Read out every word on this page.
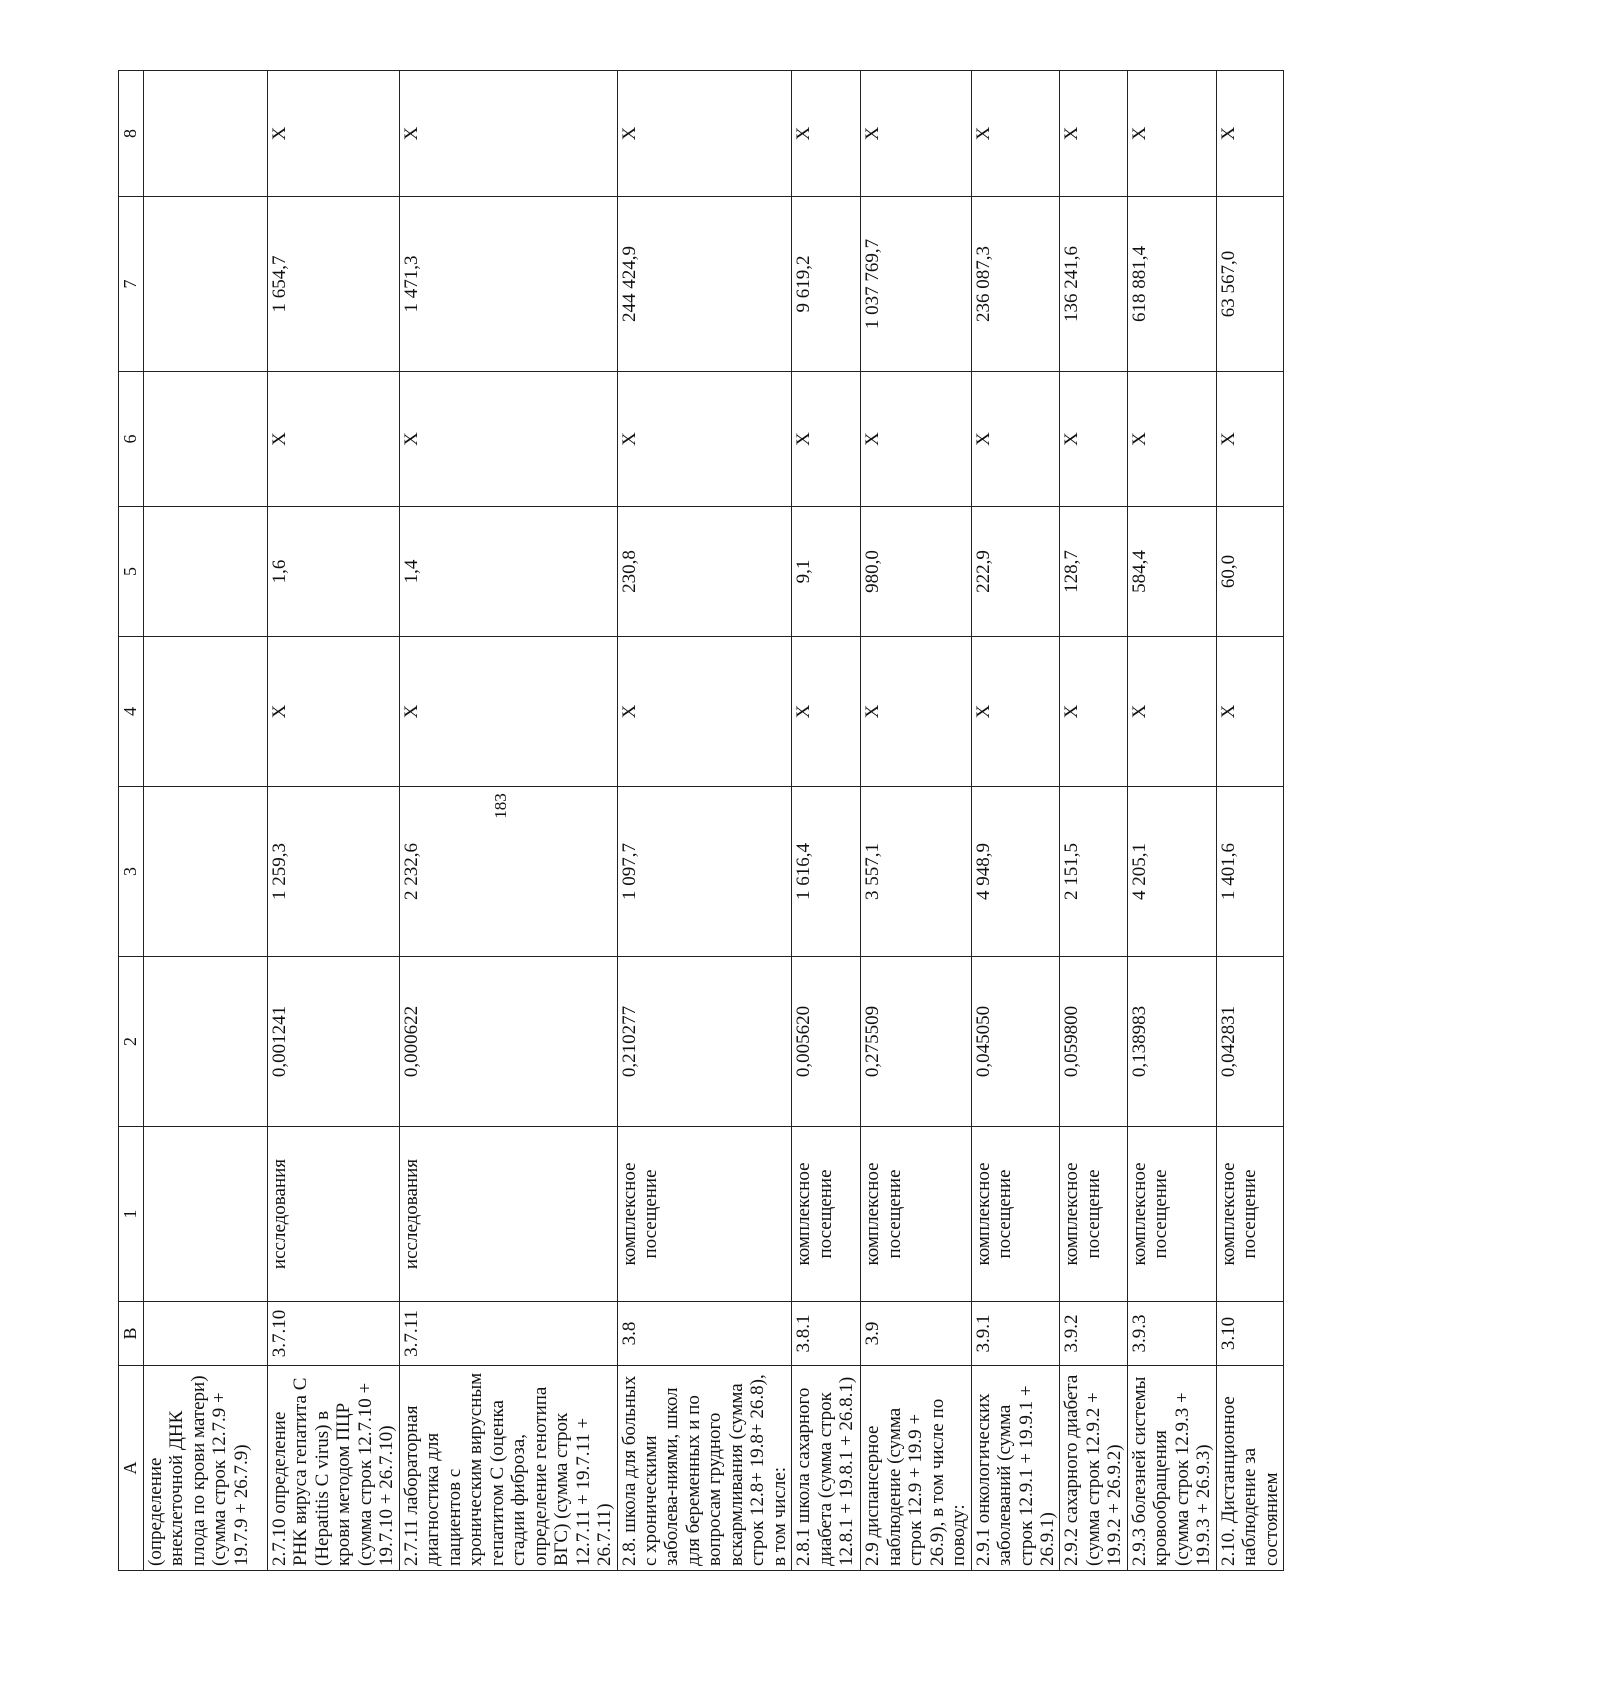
183
A	B	1	2	3	4	5	6	7	8
(определение внеклеточной ДНК плода по крови матери) (сумма строк 12.7.9 + 19.7.9 + 26.7.9)									
2.7.10 определение РНК вируса гепатита С (Hepatitis C virus) в крови методом ПЦР (сумма строк 12.7.10 + 19.7.10 + 26.7.10)	3.7.10	исследования	0,001241	1 259,3	X	1,6	X	1 654,7	X
2.7.11 лабораторная диагностика для пациентов с хроническим вирусным гепатитом С (оценка стадии фиброза, определение генотипа ВГС) (сумма строк 12.7.11 + 19.7.11 + 26.7.11)	3.7.11	исследования	0,000622	2 232,6	X	1,4	X	1 471,3	X
2.8. школа для больных с хроническими заболева-ниями, школ для беременных и по вопросам грудного вскармливания (сумма строк 12.8+ 19.8+ 26.8), в том числе:	3.8	комплексное посещение	0,210277	1 097,7	X	230,8	X	244 424,9	X
2.8.1 школа сахарного диабета (сумма строк 12.8.1 + 19.8.1 + 26.8.1)	3.8.1	комплексное посещение	0,005620	1 616,4	X	9,1	X	9 619,2	X
2.9 диспансерное наблюдение (сумма строк 12.9 + 19.9 + 26.9), в том числе по поводу:	3.9	комплексное посещение	0,275509	3 557,1	X	980,0	X	1 037 769,7	X
2.9.1 онкологических заболеваний (сумма строк 12.9.1 + 19.9.1 + 26.9.1)	3.9.1	комплексное посещение	0,045050	4 948,9	X	222,9	X	236 087,3	X
2.9.2 сахарного диабета (сумма строк 12.9.2 + 19.9.2 + 26.9.2)	3.9.2	комплексное посещение	0,059800	2 151,5	X	128,7	X	136 241,6	X
2.9.3 болезней системы кровообращения (сумма строк 12.9.3 + 19.9.3 + 26.9.3)	3.9.3	комплексное посещение	0,138983	4 205,1	X	584,4	X	618 881,4	X
2.10. Дистанционное наблюдение за состоянием	3.10	комплексное посещение	0,042831	1 401,6	X	60,0	X	63 567,0	X
